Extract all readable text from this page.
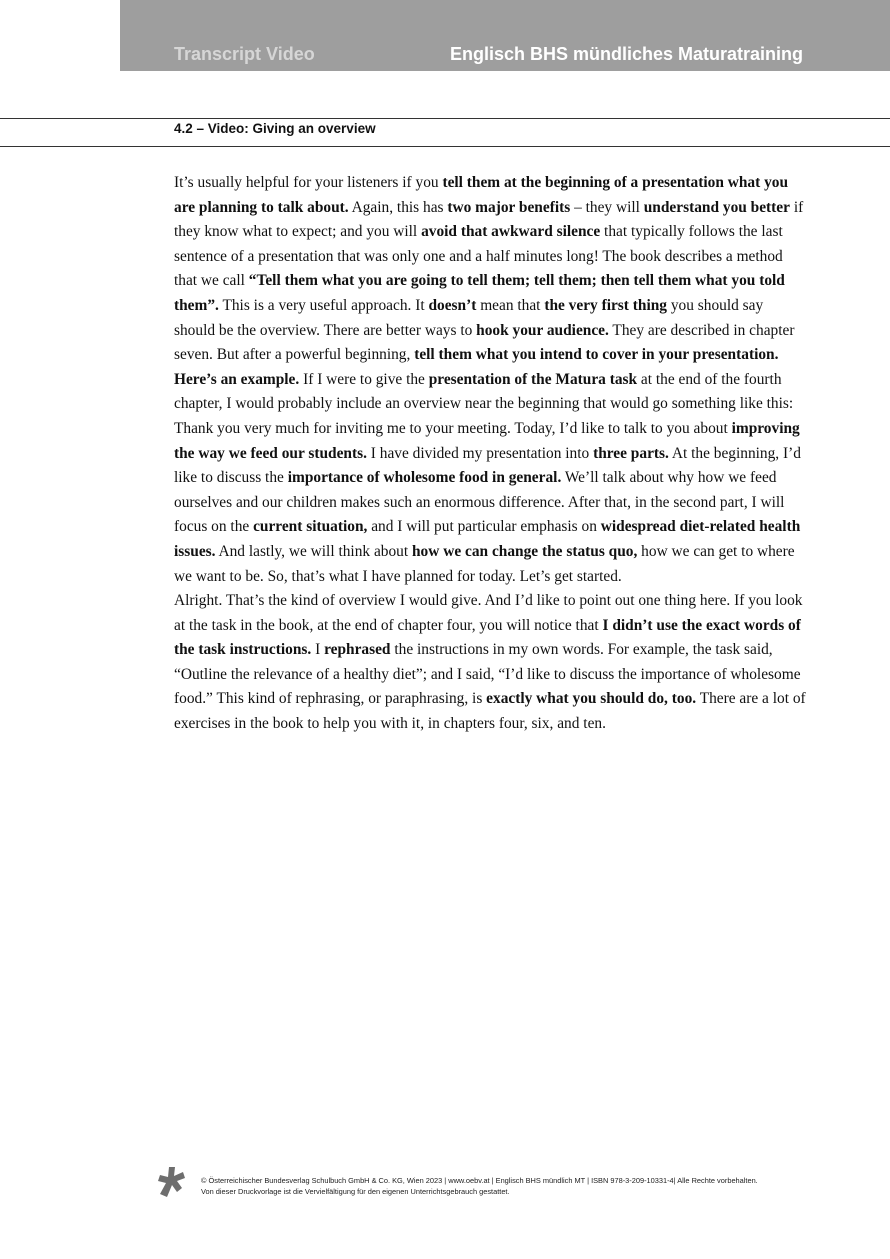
Transcript Video	Englisch BHS mündliches Maturatraining
4.2 – Video: Giving an overview

It’s usually helpful for your listeners if you tell them at the beginning of a presentation what you are planning to talk about. Again, this has two major benefits – they will understand you better if they know what to expect; and you will avoid that awkward silence that typically follows the last sentence of a presentation that was only one and a half minutes long! The book describes a method that we call “Tell them what you are going to tell them; tell them; then tell them what you told them”. This is a very useful approach. It doesn’t mean that the very first thing you should say should be the overview. There are better ways to hook your audience. They are described in chapter seven. But after a powerful beginning, tell them what you intend to cover in your presentation.

Here’s an example. If I were to give the presentation of the Matura task at the end of the fourth chapter, I would probably include an overview near the beginning that would go something like this:

Thank you very much for inviting me to your meeting. Today, I’d like to talk to you about improving the way we feed our students. I have divided my presentation into three parts. At the beginning, I’d like to discuss the importance of wholesome food in general. We’ll talk about why how we feed ourselves and our children makes such an enormous difference. After that, in the second part, I will focus on the current situation, and I will put particular emphasis on widespread diet-related health issues. And lastly, we will think about how we can change the status quo, how we can get to where we want to be. So, that’s what I have planned for today. Let’s get started.

Alright. That’s the kind of overview I would give. And I’d like to point out one thing here. If you look at the task in the book, at the end of chapter four, you will notice that I didn’t use the exact words of the task instructions. I rephrased the instructions in my own words. For example, the task said, “Outline the relevance of a healthy diet”; and I said, “I’d like to discuss the importance of wholesome food.” This kind of rephrasing, or paraphrasing, is exactly what you should do, too. There are a lot of exercises in the book to help you with it, in chapters four, six, and ten.

© Österreichischer Bundesverlag Schulbuch GmbH & Co. KG, Wien 2023 | www.oebv.at | Englisch BHS mündlich MT | ISBN 978-3-209-10331-4| Alle Rechte vorbehalten.
Von dieser Druckvorlage ist die Vervielfältigung für den eigenen Unterrichtsgebrauch gestattet.
